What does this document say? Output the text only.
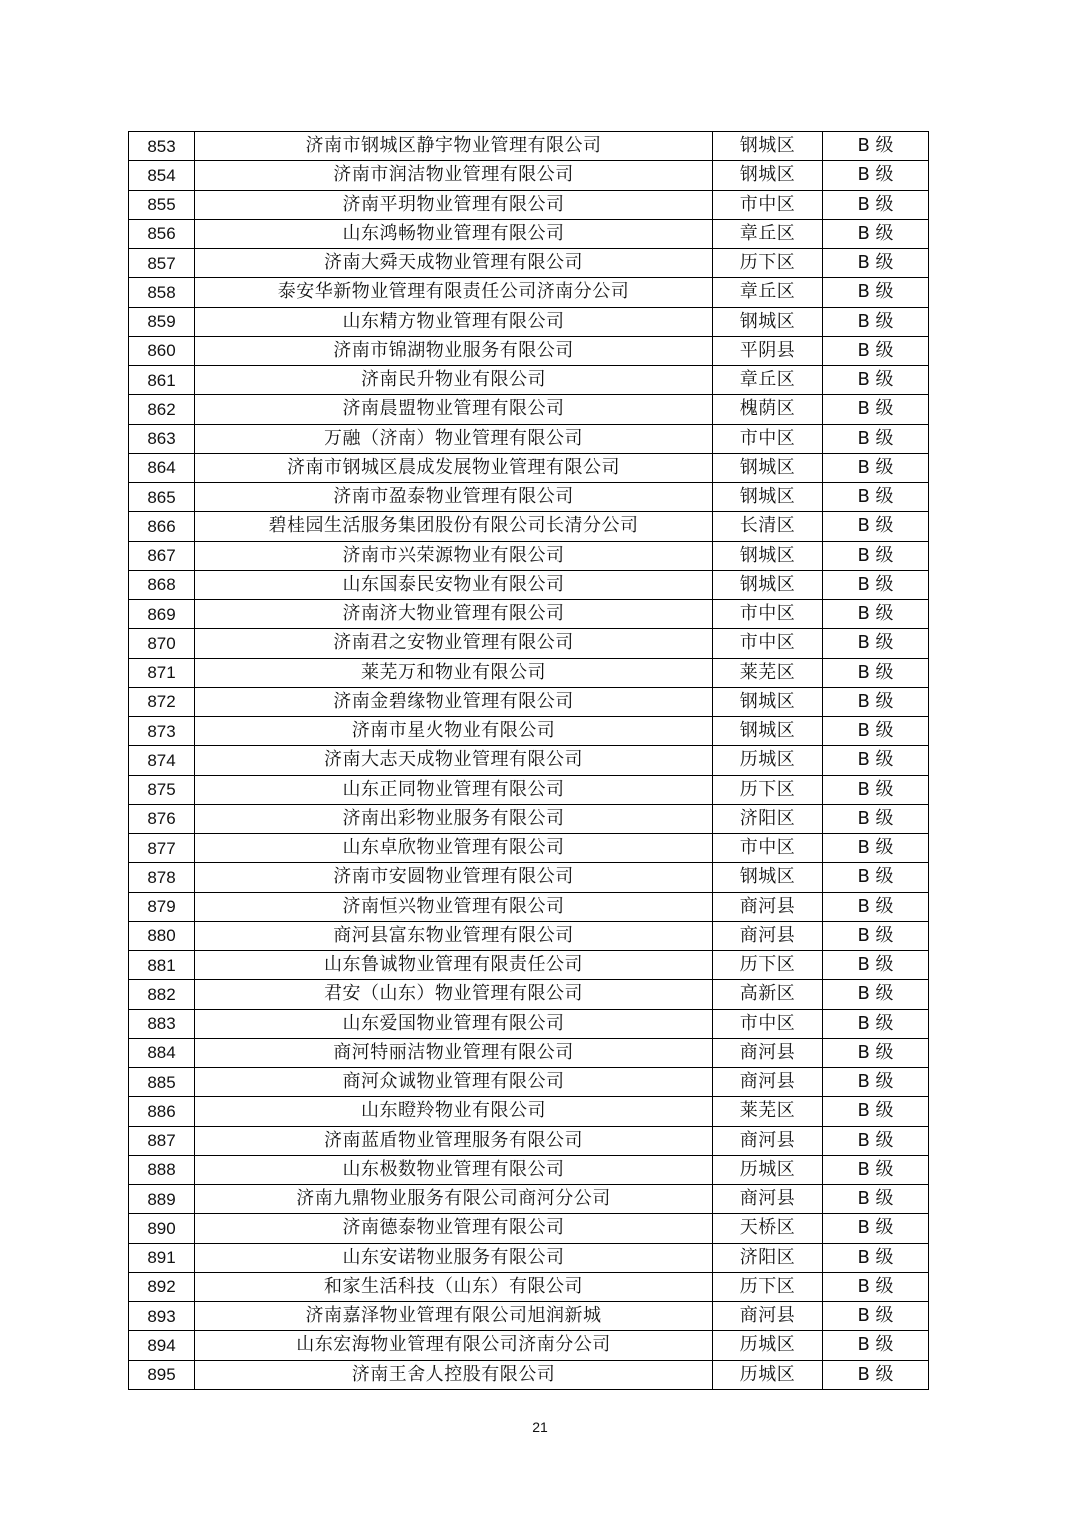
853	济南市钢城区静宇物业管理有限公司	钢城区	B 级
854	济南市润洁物业管理有限公司	钢城区	B 级
855	济南平玥物业管理有限公司	市中区	B 级
856	山东鸿畅物业管理有限公司	章丘区	B 级
857	济南大舜天成物业管理有限公司	历下区	B 级
858	泰安华新物业管理有限责任公司济南分公司	章丘区	B 级
859	山东精方物业管理有限公司	钢城区	B 级
860	济南市锦湖物业服务有限公司	平阴县	B 级
861	济南民升物业有限公司	章丘区	B 级
862	济南晨盟物业管理有限公司	槐荫区	B 级
863	万融（济南）物业管理有限公司	市中区	B 级
864	济南市钢城区晨成发展物业管理有限公司	钢城区	B 级
865	济南市盈泰物业管理有限公司	钢城区	B 级
866	碧桂园生活服务集团股份有限公司长清分公司	长清区	B 级
867	济南市兴荣源物业有限公司	钢城区	B 级
868	山东国泰民安物业有限公司	钢城区	B 级
869	济南济大物业管理有限公司	市中区	B 级
870	济南君之安物业管理有限公司	市中区	B 级
871	莱芜万和物业有限公司	莱芜区	B 级
872	济南金碧缘物业管理有限公司	钢城区	B 级
873	济南市星火物业有限公司	钢城区	B 级
874	济南大志天成物业管理有限公司	历城区	B 级
875	山东正同物业管理有限公司	历下区	B 级
876	济南出彩物业服务有限公司	济阳区	B 级
877	山东卓欣物业管理有限公司	市中区	B 级
878	济南市安圆物业管理有限公司	钢城区	B 级
879	济南恒兴物业管理有限公司	商河县	B 级
880	商河县富东物业管理有限公司	商河县	B 级
881	山东鲁诚物业管理有限责任公司	历下区	B 级
882	君安（山东）物业管理有限公司	高新区	B 级
883	山东爱国物业管理有限公司	市中区	B 级
884	商河特丽洁物业管理有限公司	商河县	B 级
885	商河众诚物业管理有限公司	商河县	B 级
886	山东瞪羚物业有限公司	莱芜区	B 级
887	济南蓝盾物业管理服务有限公司	商河县	B 级
888	山东极数物业管理有限公司	历城区	B 级
889	济南九鼎物业服务有限公司商河分公司	商河县	B 级
890	济南德泰物业管理有限公司	天桥区	B 级
891	山东安诺物业服务有限公司	济阳区	B 级
892	和家生活科技（山东）有限公司	历下区	B 级
893	济南嘉泽物业管理有限公司旭润新城	商河县	B 级
894	山东宏海物业管理有限公司济南分公司	历城区	B 级
895	济南王舍人控股有限公司	历城区	B 级
21
